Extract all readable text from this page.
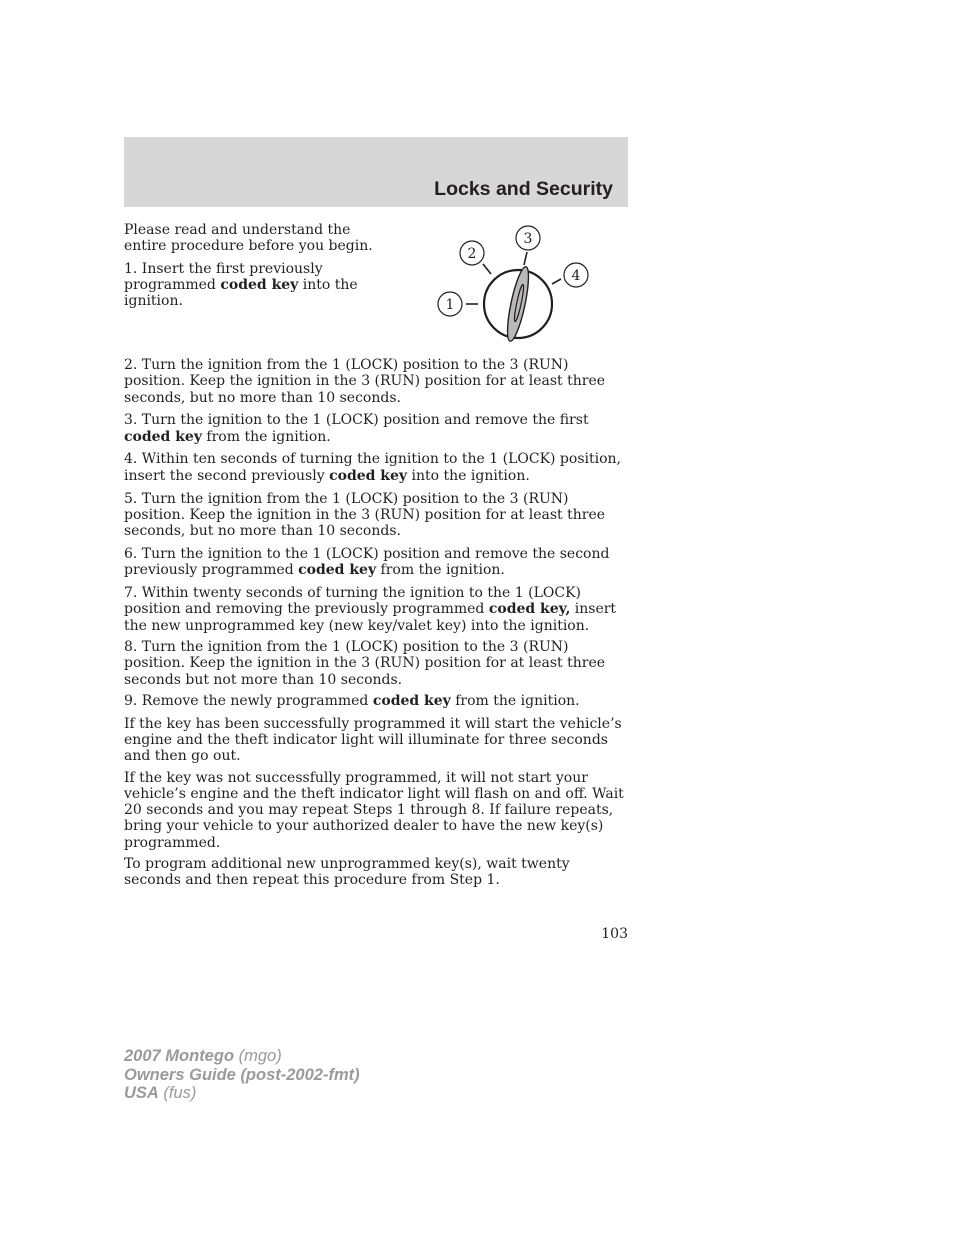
Locks and Security

Please read and understand the entire procedure before you begin.

1. Insert the first previously programmed coded key into the ignition.	1
2
3
4

2. Turn the ignition from the 1 (LOCK) position to the 3 (RUN) position. Keep the ignition in the 3 (RUN) position for at least three seconds, but no more than 10 seconds.

3. Turn the ignition to the 1 (LOCK) position and remove the first coded key from the ignition.

4. Within ten seconds of turning the ignition to the 1 (LOCK) position, insert the second previously coded key into the ignition.

5. Turn the ignition from the 1 (LOCK) position to the 3 (RUN) position. Keep the ignition in the 3 (RUN) position for at least three seconds, but no more than 10 seconds.

6. Turn the ignition to the 1 (LOCK) position and remove the second previously programmed coded key from the ignition.

7. Within twenty seconds of turning the ignition to the 1 (LOCK) position and removing the previously programmed coded key, insert the new unprogrammed key (new key/valet key) into the ignition.

8. Turn the ignition from the 1 (LOCK) position to the 3 (RUN) position. Keep the ignition in the 3 (RUN) position for at least three seconds but not more than 10 seconds.

9. Remove the newly programmed coded key from the ignition.

If the key has been successfully programmed it will start the vehicle’s engine and the theft indicator light will illuminate for three seconds and then go out.

If the key was not successfully programmed, it will not start your vehicle’s engine and the theft indicator light will flash on and off. Wait 20 seconds and you may repeat Steps 1 through 8. If failure repeats, bring your vehicle to your authorized dealer to have the new key(s) programmed.

To program additional new unprogrammed key(s), wait twenty seconds and then repeat this procedure from Step 1.

103
2007 Montego (mgo)
Owners Guide (post-2002-fmt)
USA (fus)
